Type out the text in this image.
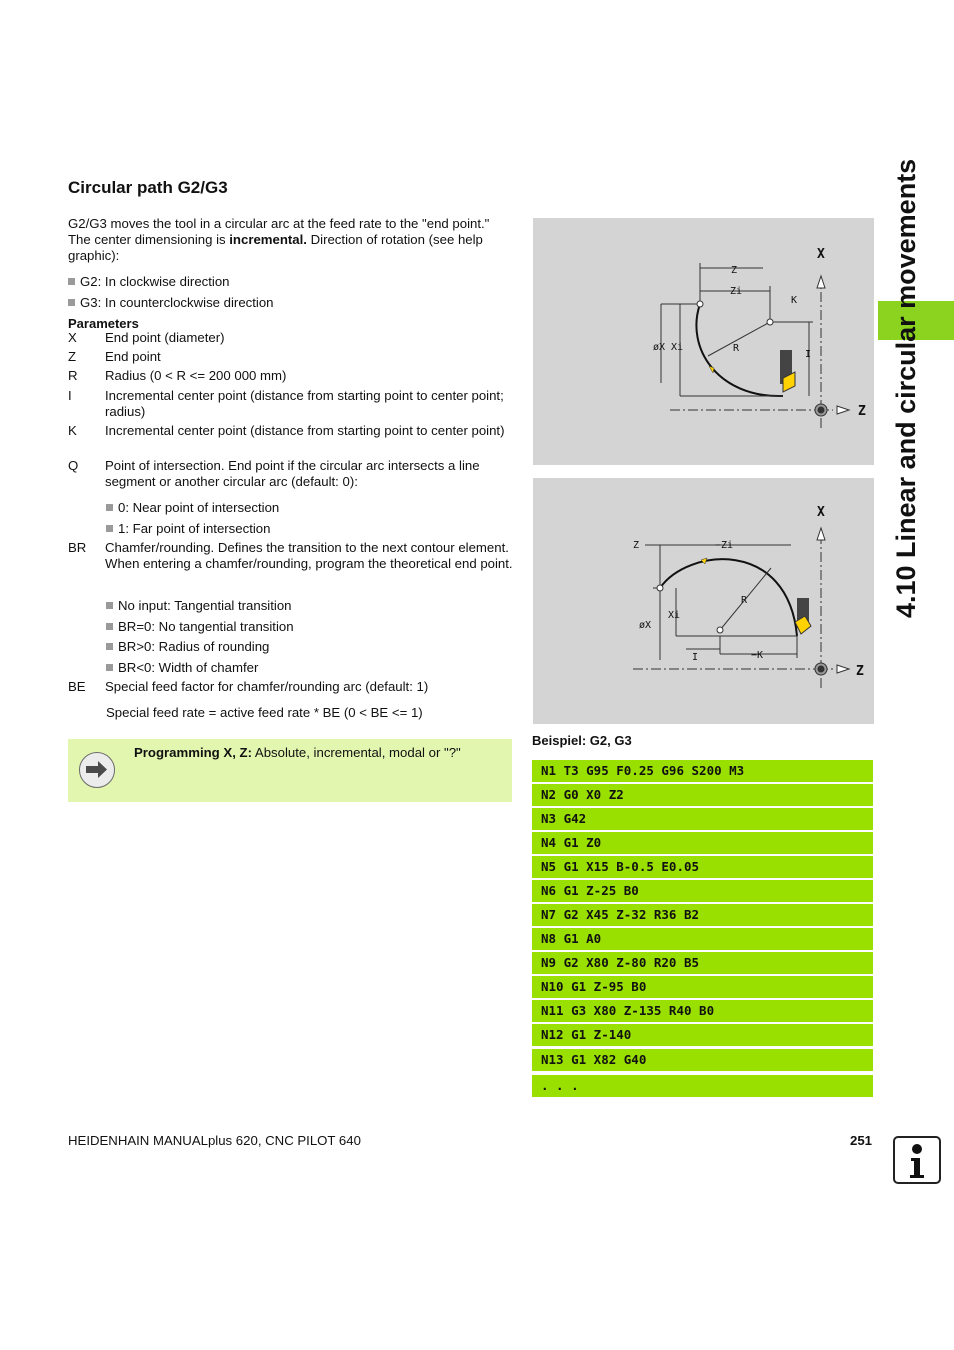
Circular path G2/G3
G2/G3 moves the tool in a circular arc at the feed rate to the "end point." The center dimensioning is incremental. Direction of rotation (see help graphic):
G2: In clockwise direction
G3: In counterclockwise direction
Parameters
X End point (diameter)
Z End point
R Radius (0 < R <= 200 000 mm)
I	Incremental center point (distance from starting point to center point; radius)
K Incremental center point (distance from starting point to center point)
Q Point of intersection. End point if the circular arc intersects a line segment or another circular arc (default: 0):
0: Near point of intersection
1: Far point of intersection
BR Chamfer/rounding. Defines the transition to the next contour element. When entering a chamfer/rounding, program the theoretical end point.
No input: Tangential transition
BR=0: No tangential transition
BR>0: Radius of rounding
BR<0: Width of chamfer
BE Special feed factor for chamfer/rounding arc (default: 1)
Special feed rate = active feed rate * BE (0 < BE <= 1)
Programming X, Z: Absolute, incremental, modal or "?"
X
Z
Z
Zi
K
øX Xi	R
I
X
Z
Z	−Zi
R
Xi
øX
I	−K
Beispiel: G2, G3
N1 T3 G95 F0.25 G96 S200 M3
N2 G0 X0 Z2
N3 G42
N4 G1 Z0
N5 G1 X15 B-0.5 E0.05
N6 G1 Z-25 B0
N7 G2 X45 Z-32 R36 B2
N8 G1 A0
N9 G2 X80 Z-80 R20 B5
N10 G1 Z-95 B0
N11 G3 X80 Z-135 R40 B0
N12 G1 Z-140
N13 G1 X82 G40
. . .
4.10 Linear and circular movements
HEIDENHAIN MANUALplus 620, CNC PILOT 640	251
